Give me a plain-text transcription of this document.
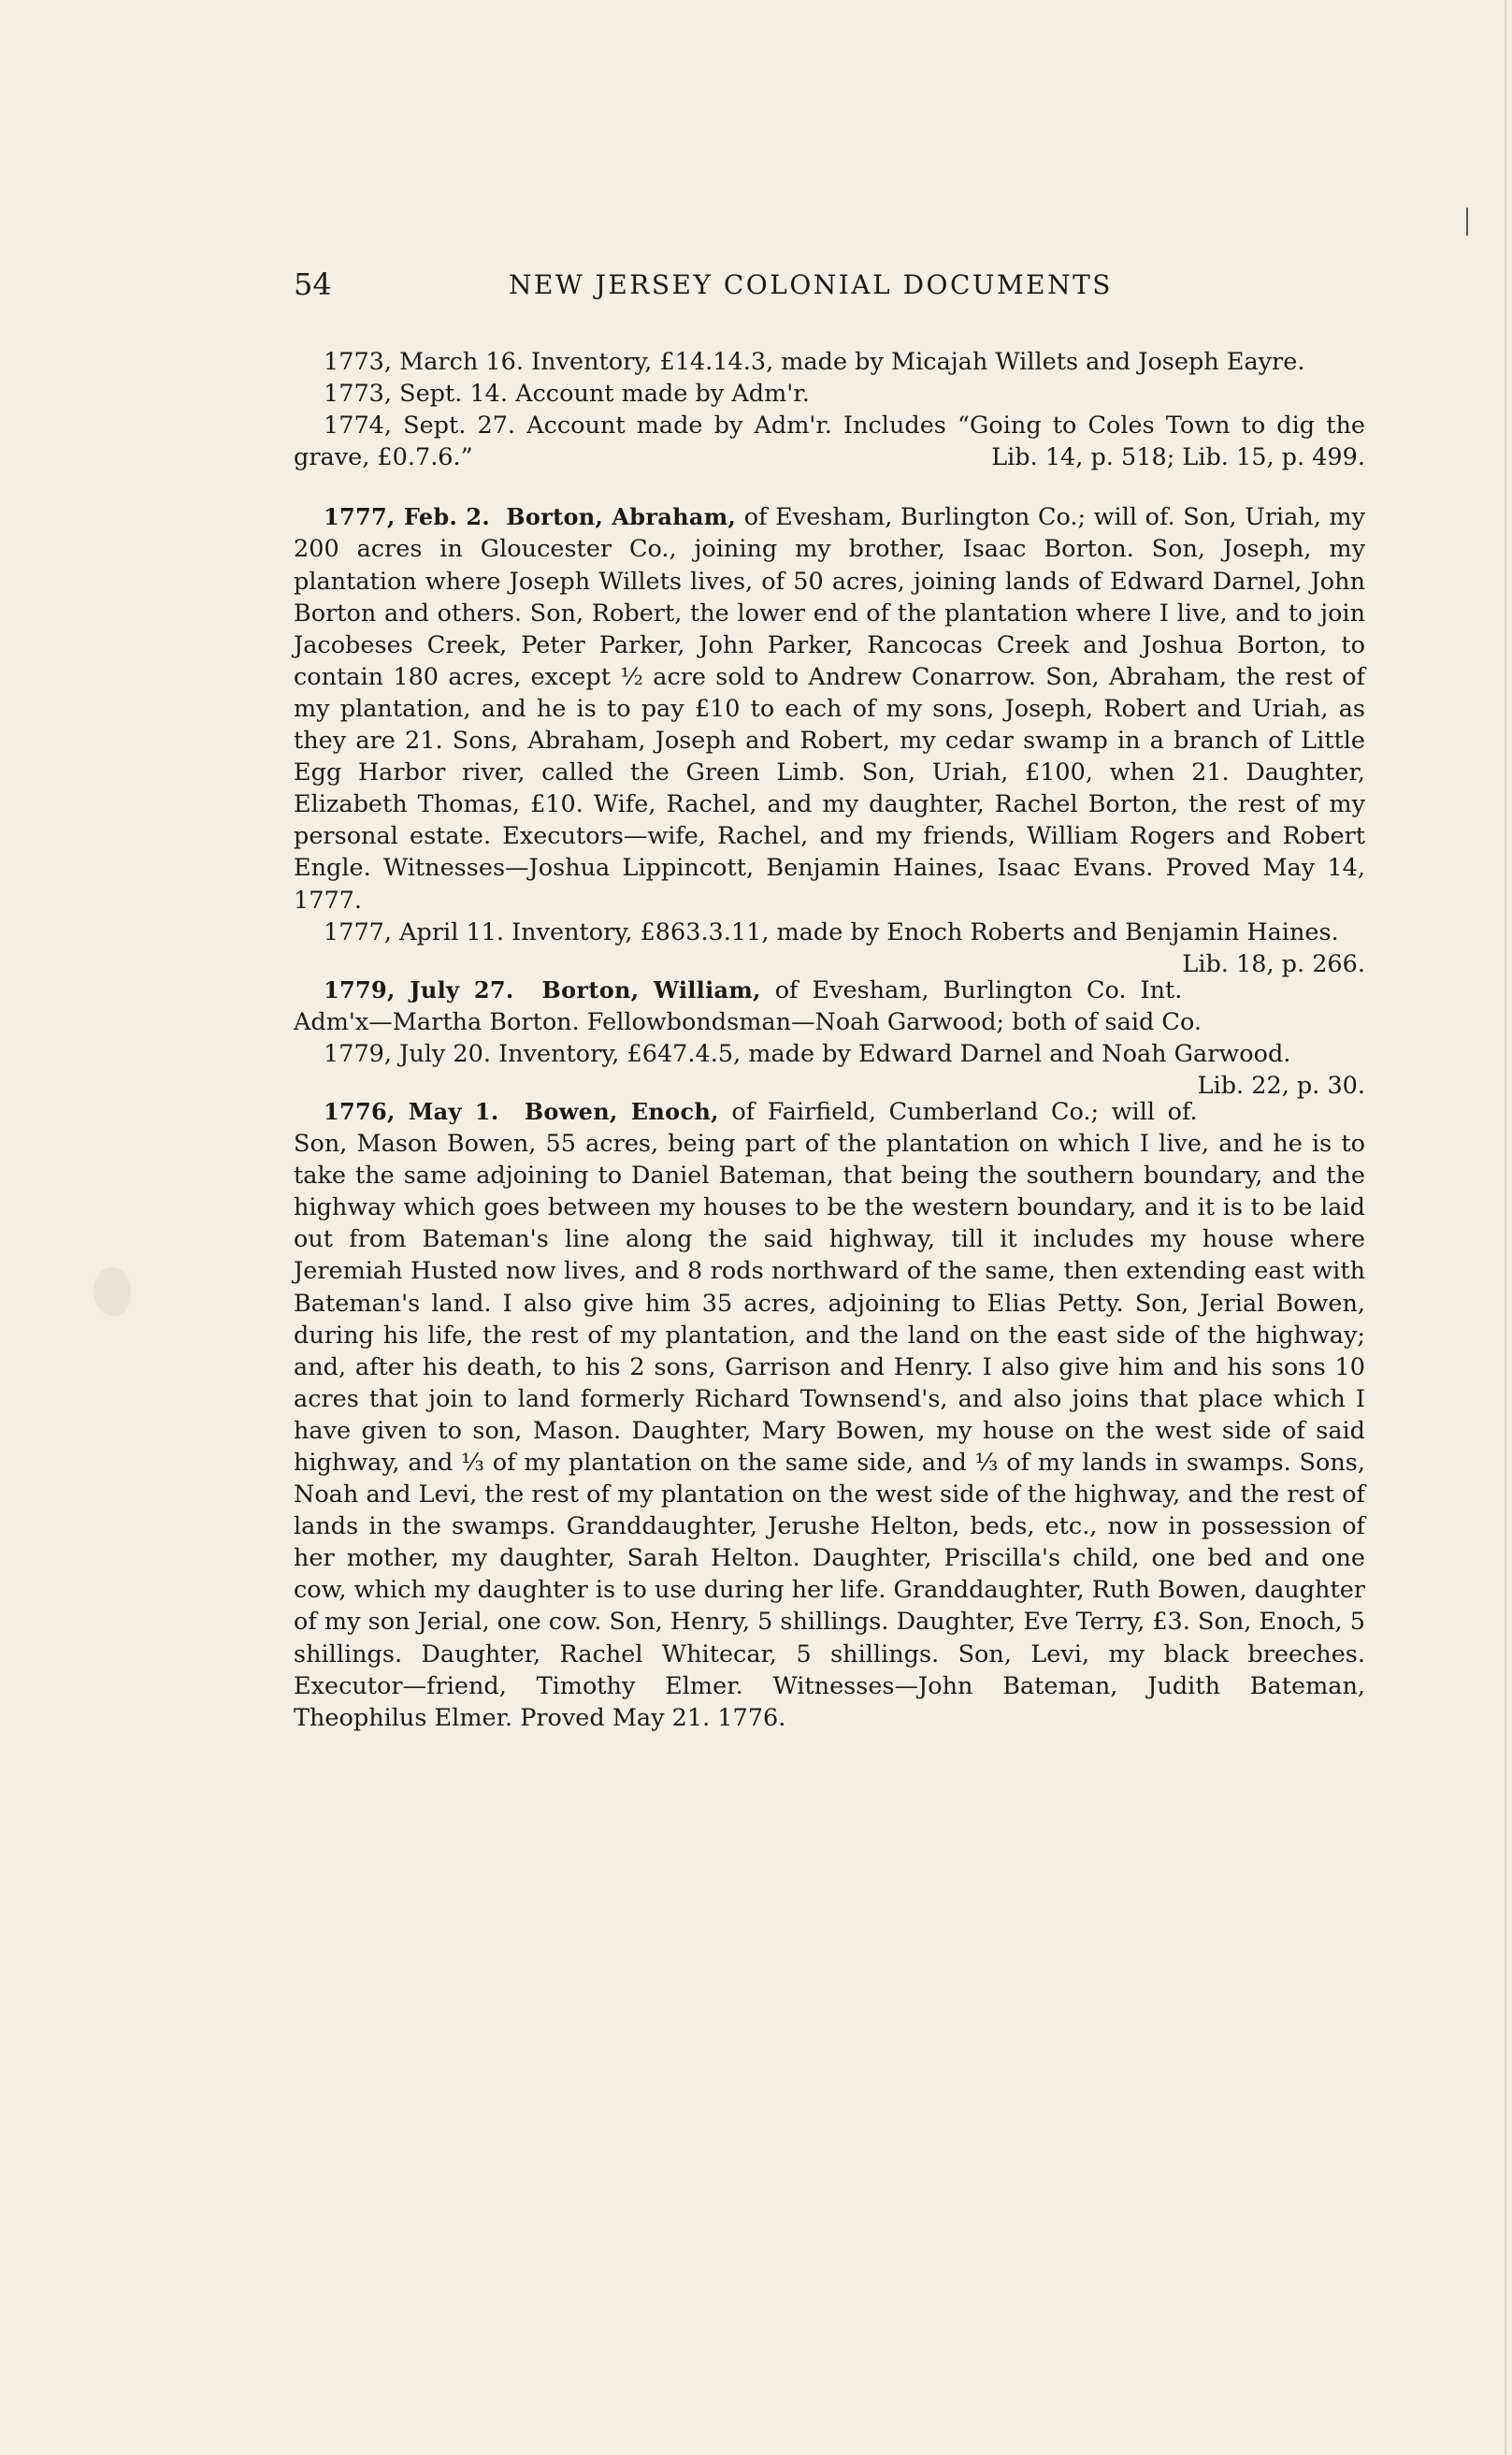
54	NEW JERSEY COLONIAL DOCUMENTS

1773, March 16. Inventory, £14.14.3, made by Micajah Willets and Joseph Eayre.

1773, Sept. 14. Account made by Adm'r.

1774, Sept. 27. Account made by Adm'r. Includes “Going to Coles Town to dig the grave, £0.7.6.”	Lib. 14, p. 518; Lib. 15, p. 499.

1777, Feb. 2. Borton, Abraham, of Evesham, Burlington Co.; will of. Son, Uriah, my 200 acres in Gloucester Co., joining my brother, Isaac Borton. Son, Joseph, my plantation where Joseph Willets lives, of 50 acres, joining lands of Edward Darnel, John Borton and others. Son, Robert, the lower end of the plantation where I live, and to join Jacobeses Creek, Peter Parker, John Parker, Rancocas Creek and Joshua Borton, to contain 180 acres, except ½ acre sold to Andrew Conarrow. Son, Abraham, the rest of my plantation, and he is to pay £10 to each of my sons, Joseph, Robert and Uriah, as they are 21. Sons, Abraham, Joseph and Robert, my cedar swamp in a branch of Little Egg Harbor river, called the Green Limb. Son, Uriah, £100, when 21. Daughter, Elizabeth Thomas, £10. Wife, Rachel, and my daughter, Rachel Borton, the rest of my personal estate. Executors—wife, Rachel, and my friends, William Rogers and Robert Engle. Witnesses—Joshua Lippincott, Benjamin Haines, Isaac Evans. Proved May 14, 1777.

1777, April 11. Inventory, £863.3.11, made by Enoch Roberts and Benjamin Haines.
Lib. 18, p. 266.

1779, July 27. Borton, William, of Evesham, Burlington Co. Int. Adm'x—Martha Borton. Fellowbondsman—Noah Garwood; both of said Co.

1779, July 20. Inventory, £647.4.5, made by Edward Darnel and Noah Garwood.
Lib. 22, p. 30.

1776, May 1. Bowen, Enoch, of Fairfield, Cumberland Co.; will of. Son, Mason Bowen, 55 acres, being part of the plantation on which I live, and he is to take the same adjoining to Daniel Bateman, that being the southern boundary, and the highway which goes between my houses to be the western boundary, and it is to be laid out from Bateman's line along the said highway, till it includes my house where Jeremiah Husted now lives, and 8 rods northward of the same, then extending east with Bateman's land. I also give him 35 acres, adjoining to Elias Petty. Son, Jerial Bowen, during his life, the rest of my plantation, and the land on the east side of the highway; and, after his death, to his 2 sons, Garrison and Henry. I also give him and his sons 10 acres that join to land formerly Richard Townsend's, and also joins that place which I have given to son, Mason. Daughter, Mary Bowen, my house on the west side of said highway, and ⅓ of my plantation on the same side, and ⅓ of my lands in swamps. Sons, Noah and Levi, the rest of my plantation on the west side of the highway, and the rest of lands in the swamps. Granddaughter, Jerushe Helton, beds, etc., now in possession of her mother, my daughter, Sarah Helton. Daughter, Priscilla's child, one bed and one cow, which my daughter is to use during her life. Granddaughter, Ruth Bowen, daughter of my son Jerial, one cow. Son, Henry, 5 shillings. Daughter, Eve Terry, £3. Son, Enoch, 5 shillings. Daughter, Rachel Whitecar, 5 shillings. Son, Levi, my black breeches. Executor—friend, Timothy Elmer. Witnesses—John Bateman, Judith Bateman, Theophilus Elmer. Proved May 21. 1776.
